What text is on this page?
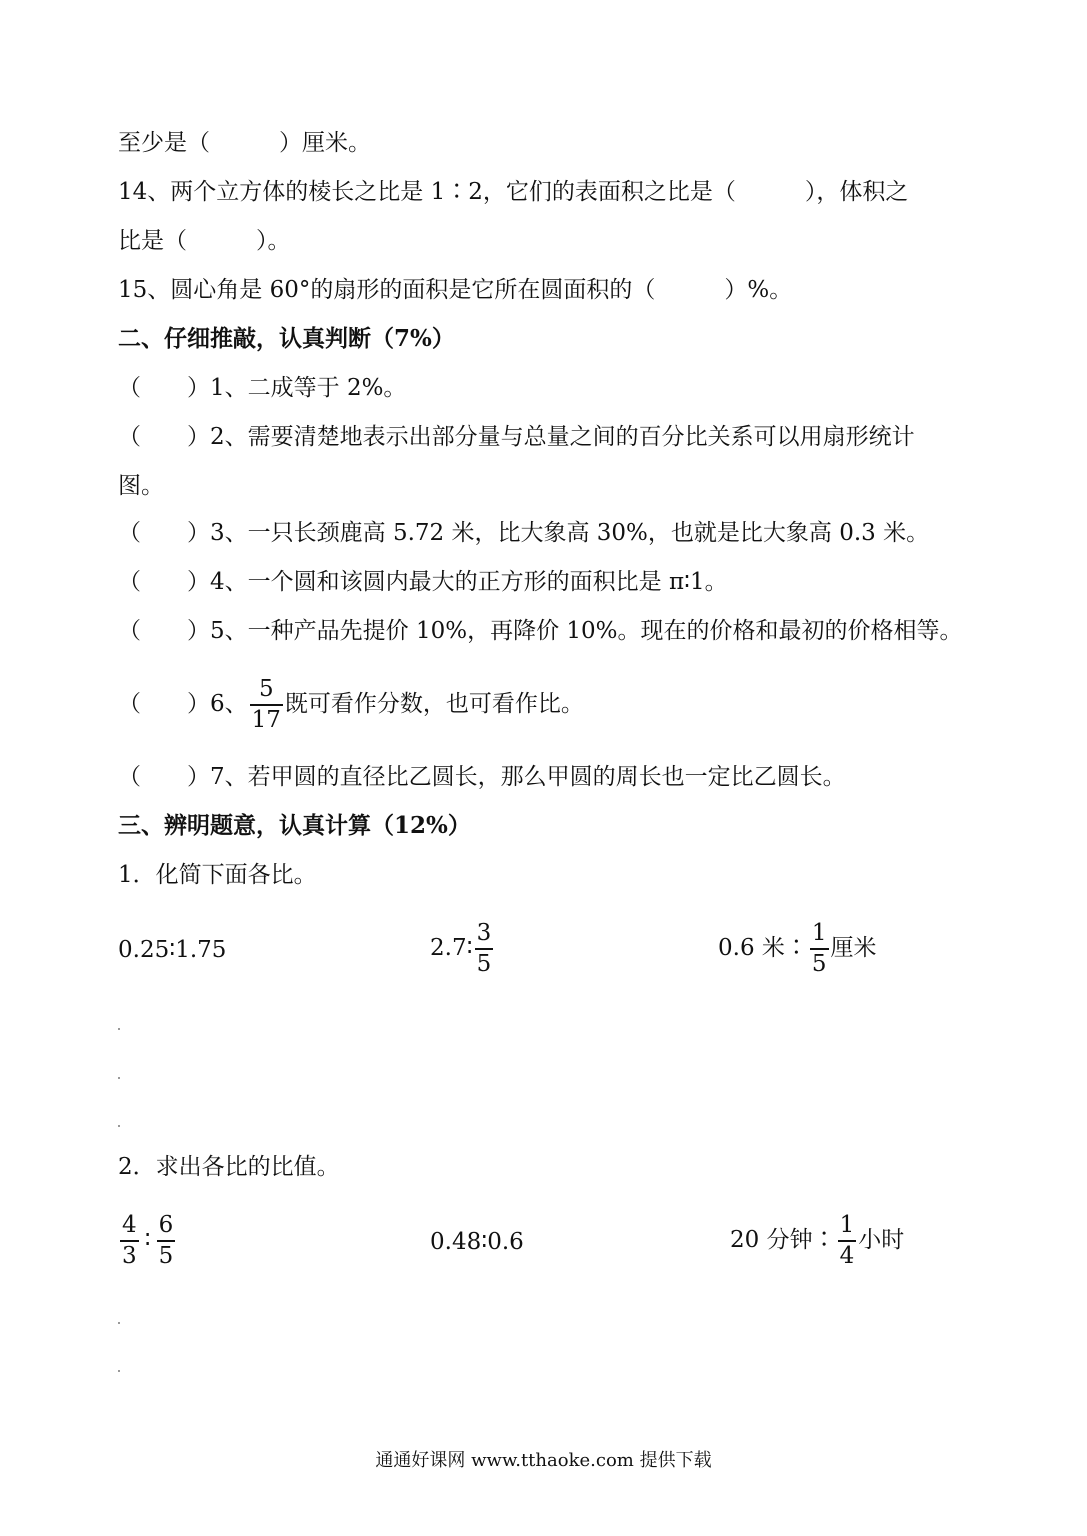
至少是（　　　）厘米。
14、两个立方体的棱长之比是 1∶2，它们的表面积之比是（　　　），体积之
比是（　　　）。
15、圆心角是 60°的扇形的面积是它所在圆面积的（　　　）%。
二、仔细推敲，认真判断（7%）
（　　）1、二成等于 2%。
（　　）2、需要清楚地表示出部分量与总量之间的百分比关系可以用扇形统计
图。
（　　）3、一只长颈鹿高 5.72 米，比大象高 30%，也就是比大象高 0.3 米。
（　　）4、一个圆和该圆内最大的正方形的面积比是 π∶1。
（　　）5、一种产品先提价 10%，再降价 10%。现在的价格和最初的价格相等。
（　　）6、 $\frac{5}{17}$ 既可看作分数，也可看作比。
（　　）7、若甲圆的直径比乙圆长，那么甲圆的周长也一定比乙圆长。
三、辨明题意，认真计算（12%）
1．化简下面各比。
0.25∶1.75	2.7∶ $\frac{3}{5}$	0.6 米∶ $\frac{1}{5}$ 厘米
2．求出各比的比值。
$\frac{4}{3}$ ∶ $\frac{6}{5}$	0.48∶0.6	20 分钟∶ $\frac{1}{4}$ 小时
通通好课网 www.tthaoke.com 提供下载
